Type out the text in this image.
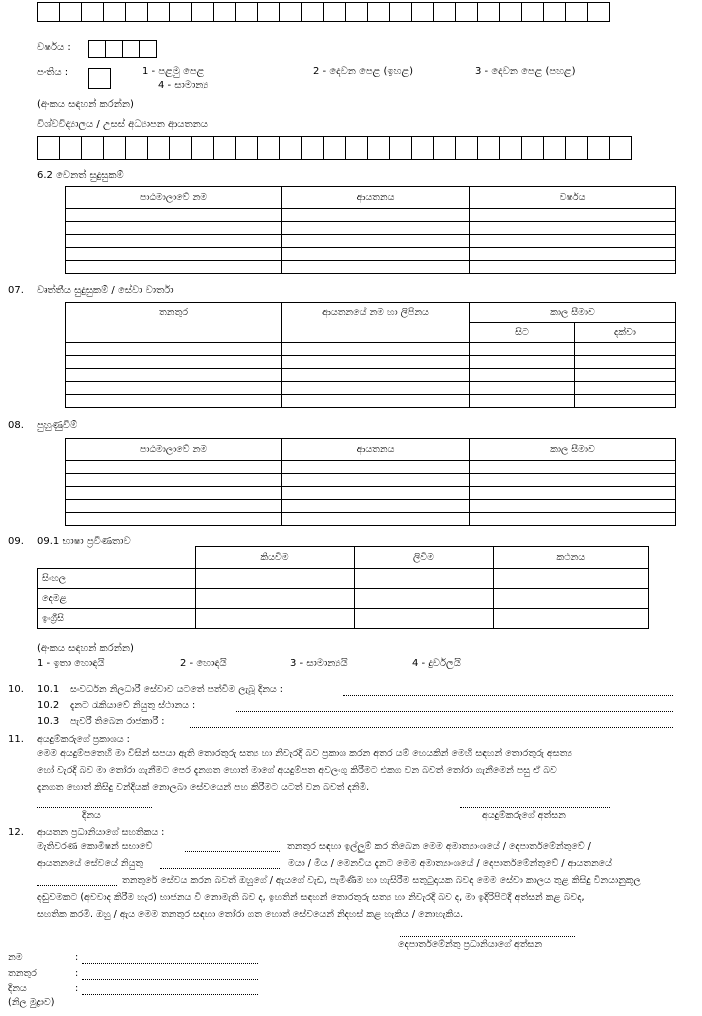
වර්ෂය :
පංතිය :	1 - පළමු පෙළ	2 - දෙවන පෙළ (ඉහළ)	3 - දෙවන පෙළ (පහළ)
4 - සාමාන්‍ය
(අංකය සඳහන් කරන්න)
විශ්වවිද්‍යාලය / උසස් අධ්‍යාපන ආයතනය
6.2 වෙනත් සුදුසුකම්
පාඨමාලාවේ නම	ආයතනය	වර්ෂය

07. වෘත්තීය සුදුසුකම් / සේවා වාර්තා
තනතුර	ආයතනයේ නම හා ලිපිනය	කාල සීමාව	
		සිට	දක්වා

08. පුහුණුවීම්
පාඨමාලාවේ නම	ආයතනය	කාල සීමාව

09. 09.1 භාෂා ප්‍රවීණතාව
	කියවීම	ලිවීම	කථනය
සිංහල			
දෙමළ			
ඉංග්‍රීසි			
(අංකය සඳහන් කරන්න)
1 - ඉතා හොඳයි	2 - හොඳයි	3 - සාමාන්‍යයි	4 - දුර්වලයි
10. 10.1 සංවර්ධන නිලධාරී සේවාව යටතේ පත්වීම ලැබූ දිනය :
10.2 දැනට රැකියාවේ නියුතු ස්ථානය :
10.3 පැවරී තිබෙන රාජකාරී :
11. අයදුම්කරුගේ ප්‍රකාශය :
මෙම අයදුම්පතෙහි මා විසින් සපයා ඇති තොරතුරු සත්‍ය හා නිවැරදි බව ප්‍රකාශ කරන අතර යම් හෙයකින් මෙහි සඳහන් තොරතුරු අසත්‍ය
හෝ වැරදි බව මා තෝරා ගැනීමට පෙර දැනගත හොත් මාගේ අයදුම්පත අවලංගු කිරීමට එකග වන බවත් තෝරා ගැනීමෙන් පසු ඒ බව
දැනගත හොත් කිසිදු වන්දියක් නොලබා සේවයෙන් පහ කිරීමට යටත් වන බවත් දනිමි.
දිනය	අයදුම්කරුගේ අත්සන
12. ආයතන ප්‍රධානියාගේ සහතිකය :
මැතිවරණ කොමිෂන් සභාවේ	තනතුර සඳහා ඉල්ලුම් කර තිබෙන මෙම අමාත්‍යාංශයේ / දෙපාර්තමේන්තුවේ /
ආයතනයේ සේවයේ නියුතු	මයා / මිය / මෙනවිය දැනට මෙම අමාත්‍යාංශයේ / දෙපාර්තමේන්තුවේ / ආයතනයේ
තනතුරේ සේවය කරන බවත් ඔහුගේ / ඇයගේ වැඩ, පැමිණීම හා හැසිරීම සතුටුදායක බවද මෙම සේවා කාලය තුළ කිසිදු විනයානුකූල
දඬුවමකට (අවවාද කිරීම හැර) භාජනය වී නොමැති බව ද, ඉහතින් සඳහන් තොරතුරු සත්‍ය හා නිවැරදි බව ද, මා ඉදිරිපිටදී අත්සන් කළ බවද,
සහතික කරමි. ඔහු / ඇය මෙම තනතුර සඳහා තෝරා ගත හොත් සේවයෙන් නිදහස් කළ හැකිය / නොහැකිය.
දෙපාර්තමේන්තු ප්‍රධානියාගේ අත්සන
නම	:
තනතුර	:
දිනය	:
(නිල මුද්‍රාව)
